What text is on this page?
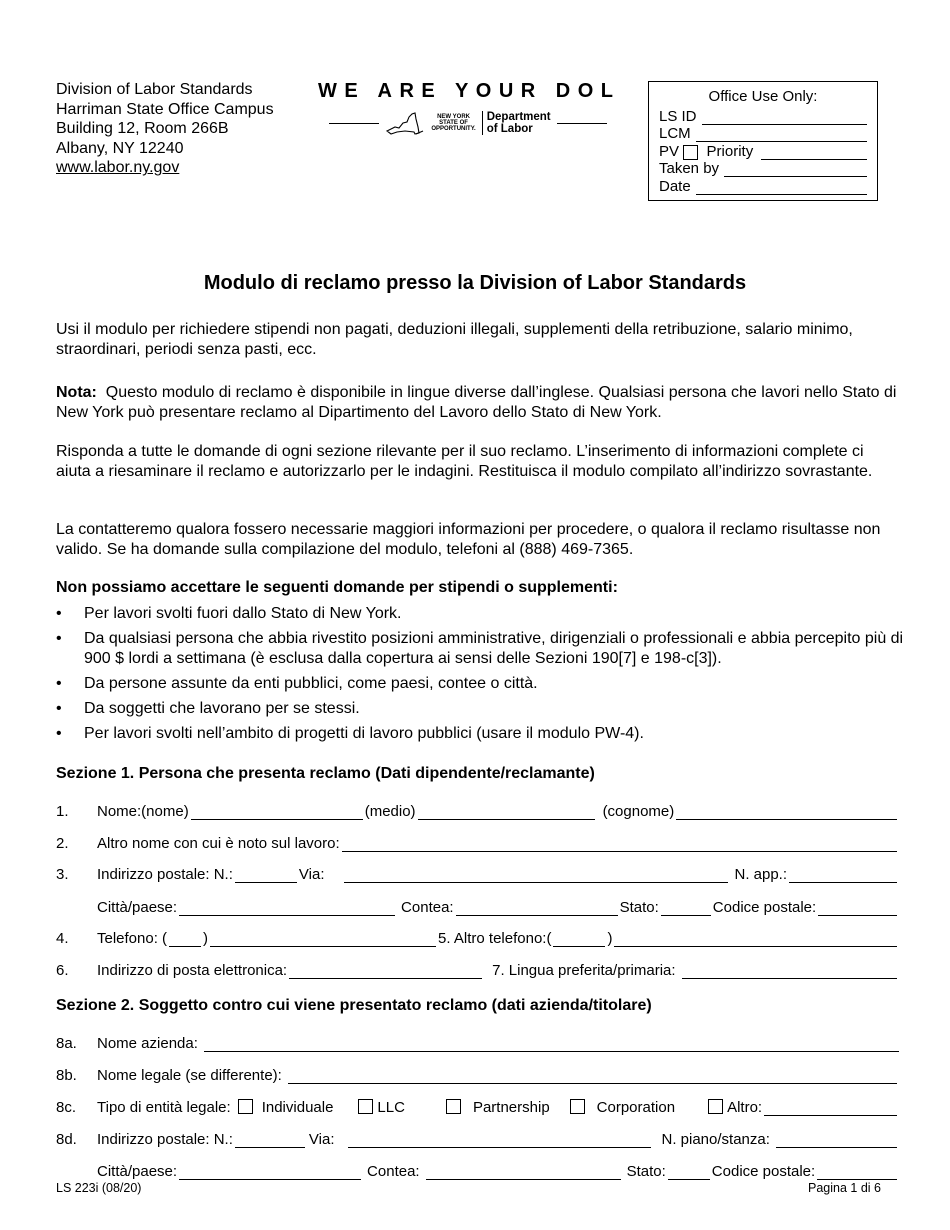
Division of Labor Standards
Harriman State Office Campus
Building 12, Room 266B
Albany, NY 12240
www.labor.ny.gov
WE ARE YOUR DOL
NEW YORK
STATE OF
OPPORTUNITY.
Department
of Labor
Office Use Only:
LS ID
LCM
PV

Priority
Taken by
Date
Modulo di reclamo presso la Division of Labor Standards
Usi il modulo per richiedere stipendi non pagati, deduzioni illegali, supplementi della retribuzione, salario minimo, straordinari, periodi senza pasti, ecc.
Nota: Questo modulo di reclamo è disponibile in lingue diverse dall’inglese. Qualsiasi persona che lavori nello Stato di New York può presentare reclamo al Dipartimento del Lavoro dello Stato di New York.
Risponda a tutte le domande di ogni sezione rilevante per il suo reclamo. L’inserimento di informazioni complete ci aiuta a riesaminare il reclamo e autorizzarlo per le indagini. Restituisca il modulo compilato all’indirizzo sovrastante.
La contatteremo qualora fossero necessarie maggiori informazioni per procedere, o qualora il reclamo risultasse non valido. Se ha domande sulla compilazione del modulo, telefoni al (888) 469-7365.
Non possiamo accettare le seguenti domande per stipendi o supplementi:
• Per lavori svolti fuori dallo Stato di New York.
• Da qualsiasi persona che abbia rivestito posizioni amministrative, dirigenziali o professionali e abbia percepito più di 900 $ lordi a settimana (è esclusa dalla copertura ai sensi delle Sezioni 190[7] e 198-c[3]).
• Da persone assunte da enti pubblici, come paesi, contee o città.
• Da soggetti che lavorano per se stessi.
• Per lavori svolti nell’ambito di progetti di lavoro pubblici (usare il modulo PW-4).
Sezione 1. Persona che presenta reclamo (Dati dipendente/reclamante)
1.	Nome:(nome)	(medio)	(cognome)
2.	Altro nome con cui è noto sul lavoro:
3.	Indirizzo postale: N.:	Via:	N. app.:
Città/paese:	Contea:	Stato:	Codice postale:
4.	Telefono: ( )	5. Altro telefono:(	)
6.	Indirizzo di posta elettronica:	7. Lingua preferita/primaria:
Sezione 2. Soggetto contro cui viene presentato reclamo (dati azienda/titolare)
8a.	Nome azienda:
8b.	Nome legale (se differente):
8c.	Tipo di entità legale: Individuale	LLC	Partnership	Corporation	Altro:
8d.	Indirizzo postale: N.:	Via:	N. piano/stanza:
Città/paese:	Contea:	Stato:	Codice postale:
LS 223i (08/20)	Pagina 1 di 6
